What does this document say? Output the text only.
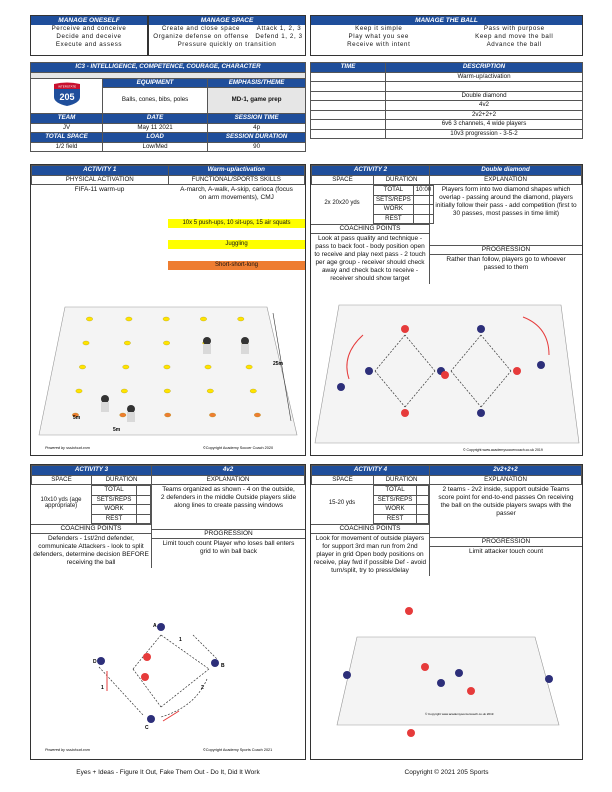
MANAGE ONESELF
Perceive and conceive
Decide and deceive
Execute and assess
MANAGE SPACE
Create and close space
Organize defense on offense
Attack 1, 2, 3
Defend 1, 2, 3
Pressure quickly on transition
MANAGE THE BALL
Keep it simple
Play what you see
Receive with intent
Pass with purpose
Keep and move the ball
Advance the ball
IC3 - INTELLIGENCE, COMPETENCE, COURAGE, CHARACTER		

INTERSTATE
205	EQUIPMENT	EMPHASIS/THEME
	Balls, cones, bibs, poles	MD-1, game prep

TEAM	DATE	SESSION TIME
JV	May 11 2021	4p
TOTAL SPACE	LOAD	SESSION DURATION
1/2 field	Low/Med	90
TIME	DESCRIPTION
	Warm-up/activation

	Double diamond
	4v2
	2v2+2+2
	6v6 3 channels, 4 wide players
	10v3 progression - 3-5-2
ACTIVITY 1	Warm-up/activation
PHYSICAL ACTIVATION	FUNCTIONAL/SPORTS SKILLS
FIFA-11 warm-up	A-march, A-walk, A-skip, carioca (focus on arm movements), CMJ
10x 5 push-ups, 10 sit-ups, 15 air squats
Juggling
Short-short-long
25m
5m
5m
Powered by sssicloud.com	©Copyright Academy Soccer Coach 2020
ACTIVITY 2		Double diamond
SPACE	DURATION	EXPLANATION
2x 20x20 yds
TOTAL	10:00
SETS/REPS	
WORK	
REST	
COACHING POINTS
Look at pass quality and technique - pass to back foot - body position open to receive and play next pass - 2 touch per age group - receiver should check away and check back to receive - receiver should show target
Players form into two diamond shapes which overlap - passing around the diamond, players initially follow their pass - add competition (first to 30 passes, most passes in time limit)
PROGRESSION
Rather than follow, players go to whoever passed to them
© Copyright www.academysoccercoach.co.uk 2019
ACTIVITY 3		4v2
SPACE	DURATION	EXPLANATION
10x10 yds (age appropriate)
TOTAL	
SETS/REPS	
WORK	
REST	
COACHING POINTS
Defenders - 1st/2nd defender, communicate Attackers - look to split defenders, determine decision BEFORE receiving the ball
Teams organized as shown - 4 on the outside, 2 defenders in the middle Outside players slide along lines to create passing windows
PROGRESSION
Limit touch count Player who loses ball enters grid to win ball back
A
B
C
D
1
1	2
Powered by sssicloud.com	©Copyright Academy Sports Coach 2021
ACTIVITY 4		2v2+2+2
SPACE	DURATION	EXPLANATION
15-20 yds
TOTAL	
SETS/REPS	
WORK	
REST	
COACHING POINTS
Look for movement of outside players for support 3rd man run from 2nd player in grid Open body positions on receive, play fwd if possible Def - avoid turn/split, try to press/delay
2 teams - 2v2 inside, support outside Teams score point for end-to-end passes On receiving the ball on the outside players swaps with the passer
PROGRESSION
Limit attacker touch count
© Copyright www.academysoccercoach.co.uk 2019
Eyes + Ideas - Figure It Out, Fake Them Out - Do It, Did It Work	Copyright © 2021 205 Sports
